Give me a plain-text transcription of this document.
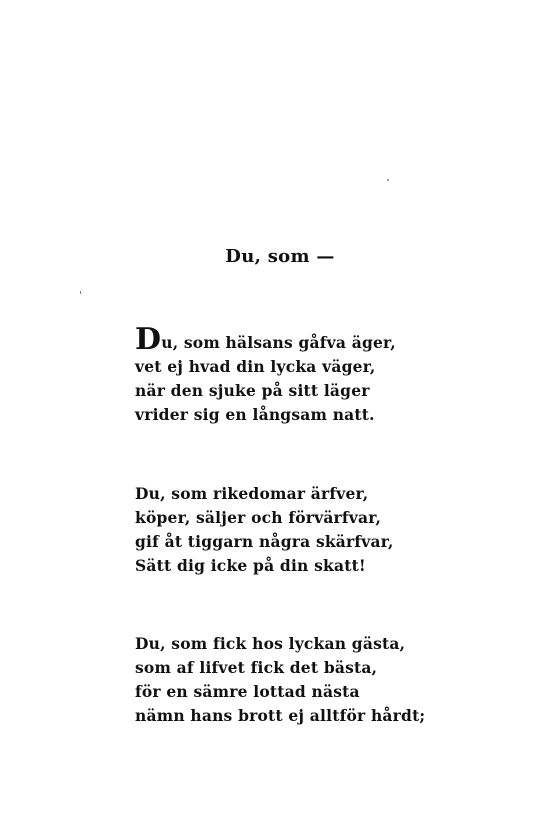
Du, som —
Du, som hälsans gåfva äger,
vet ej hvad din lycka väger,
när den sjuke på sitt läger
vrider sig en långsam natt.
Du, som rikedomar ärfver,
köper, säljer och förvärfvar,
gif åt tiggarn några skärfvar,
Sätt dig icke på din skatt!
Du, som fick hos lyckan gästa,
som af lifvet fick det bästa,
för en sämre lottad nästa
nämn hans brott ej alltför hårdt;
